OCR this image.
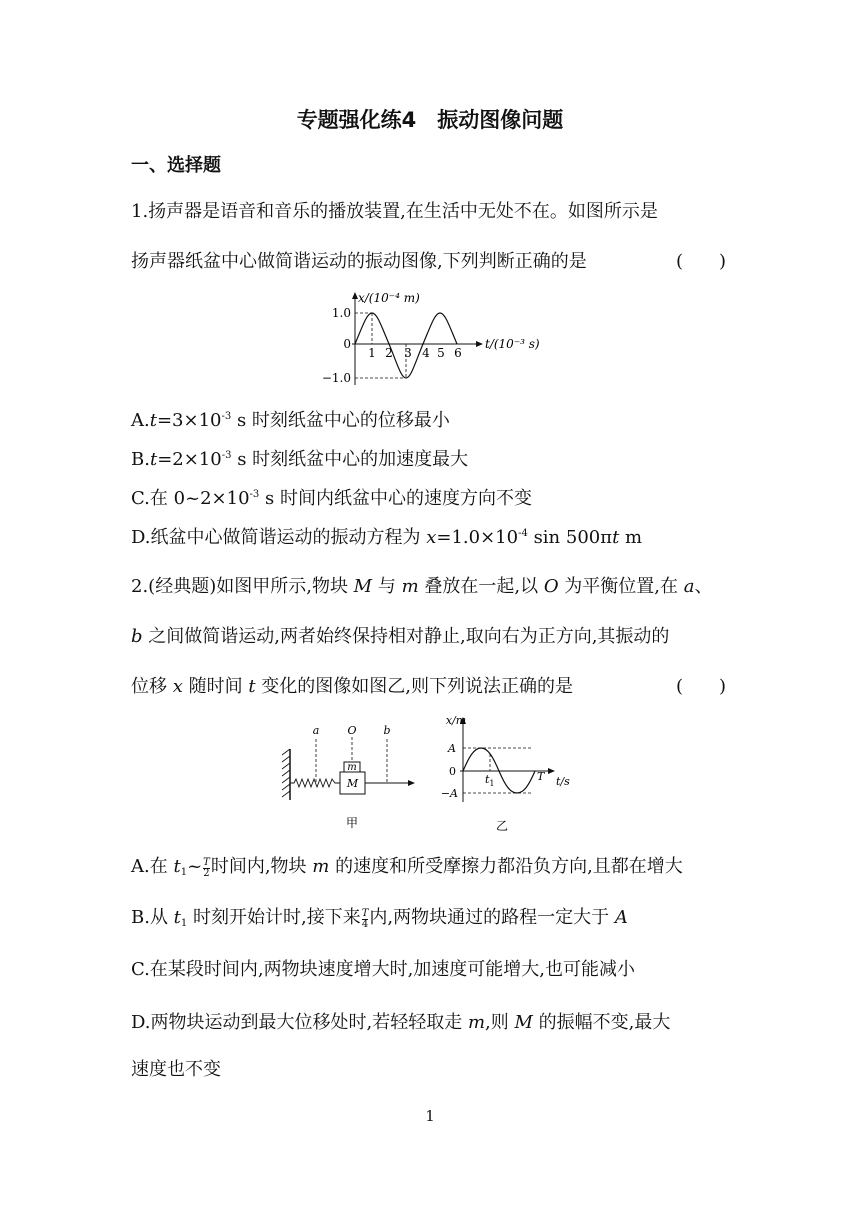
专题强化练4　振动图像问题
一、选择题
1.扬声器是语音和音乐的播放装置,在生活中无处不在。如图所示是
扬声器纸盆中心做简谐运动的振动图像,下列判断正确的是	(　　)
x/(10⁻⁴ m)
t/(10⁻³ s)
1.0
0
−1.0
1 2 3 4 5 6
$A.t=3\times 10^{-3}$ s 时刻纸盆中心的位移最小
$B.t=2\times 10^{-3}$ s 时刻纸盆中心的加速度最大
C.在 $0\sim 2\times 10^{-3}$ s 时间内纸盆中心的速度方向不变
D.纸盆中心做简谐运动的振动方程为 $x=1.0\times 10^{-4}$ sin 500πt m
2.(经典题)如图甲所示,物块 M 与 m 叠放在一起,以 O 为平衡位置,在 a、
b 之间做简谐运动,两者始终保持相对静止,取向右为正方向,其振动的
位移 x 随时间 t 变化的图像如图乙,则下列说法正确的是	(　　)
a	O b
m
M
甲
x/m
A
0
−A
$t_1$
T t/s
乙
A.在 $t_1\sim \frac{T}{2}$ 时间内,物块 m 的速度和所受摩擦力都沿负方向,且都在增大
B.从 $t_1$ 时刻开始计时,接下来 $\frac{T}{4}$ 内,两物块通过的路程一定大于 A
C.在某段时间内,两物块速度增大时,加速度可能增大,也可能减小
D.两物块运动到最大位移处时,若轻轻取走 m,则 M 的振幅不变,最大
速度也不变
1
